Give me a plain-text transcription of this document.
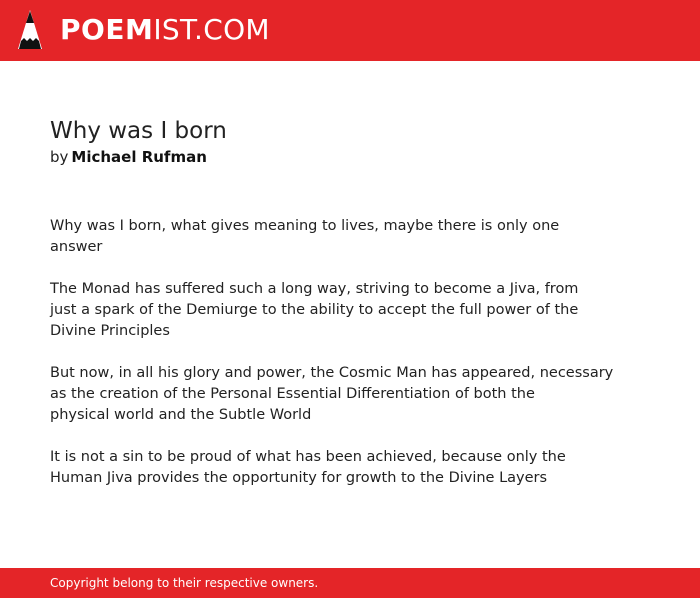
POEM IST.COM
Why was I born
by Michael Rufman

Why was I born, what gives meaning to lives, maybe there is only one
answer

The Monad has suffered such a long way, striving to become a Jiva, from
just a spark of the Demiurge to the ability to accept the full power of the
Divine Principles

But now, in all his glory and power, the Cosmic Man has appeared, necessary
as the creation of the Personal Essential Differentiation of both the
physical world and the Subtle World

It is not a sin to be proud of what has been achieved, because only the
Human Jiva provides the opportunity for growth to the Divine Layers

Copyright belong to their respective owners.
